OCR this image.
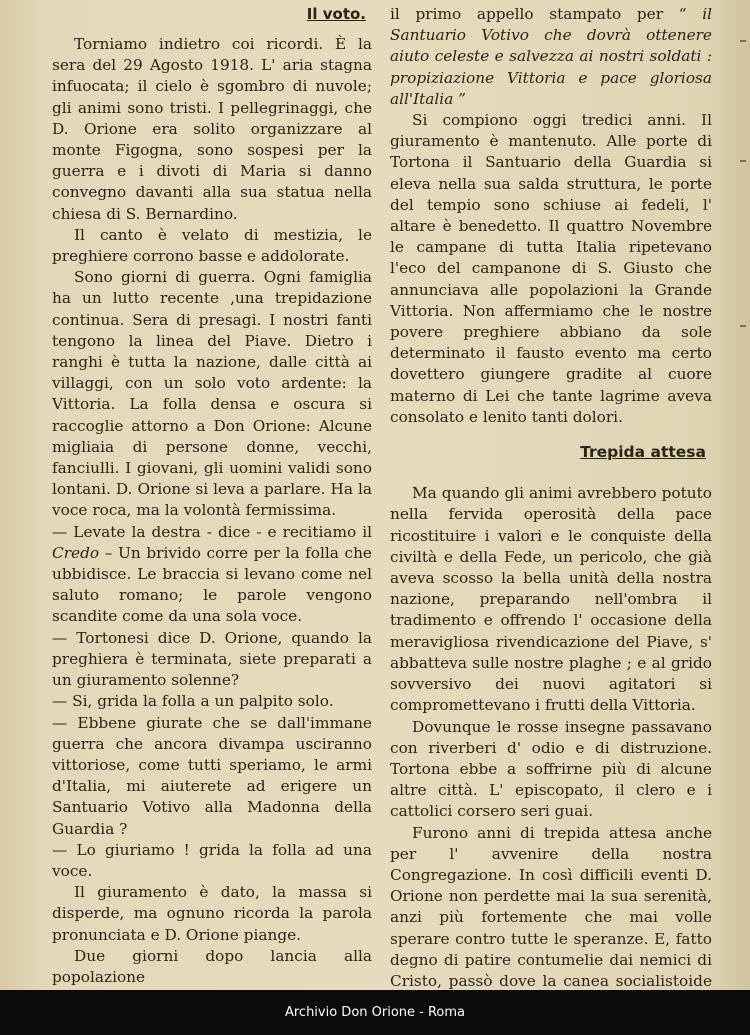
Il voto.

Torniamo indietro coi ricordi. È la sera del 29 Agosto 1918. L' aria stagna infuocata; il cielo è sgombro di nuvole; gli animi sono tristi. I pellegrinaggi, che D. Orione era solito organizzare al monte Figogna, sono sospesi per la guerra e i divoti di Maria si danno convegno davanti alla sua statua nella chiesa di S. Bernardino.

Il canto è velato di mestizia, le preghiere corrono basse e addolorate.

Sono giorni di guerra. Ogni famiglia ha un lutto recente ,una trepidazione continua. Sera di presagi. I nostri fanti tengono la linea del Piave. Dietro i ranghi è tutta la nazione, dalle città ai villaggi, con un solo voto ardente: la Vittoria. La folla densa e oscura si raccoglie attorno a Don Orione: Alcune migliaia di persone donne, vecchi, fanciulli. I giovani, gli uomini validi sono lontani. D. Orione si leva a parlare. Ha la voce roca, ma la volontà fermissima.

— Levate la destra - dice - e recitiamo il Credo – Un brivido corre per la folla che ubbidisce. Le braccia si levano come nel saluto romano; le parole vengono scandite come da una sola voce.

— Tortonesi dice D. Orione, quando la preghiera è terminata, siete preparati a un giuramento solenne?

— Si, grida la folla a un palpito solo.

— Ebbene giurate che se dall'immane guerra che ancora divampa usciranno vittoriose, come tutti speriamo, le armi d'Italia, mi aiuterete ad erigere un Santuario Votivo alla Madonna della Guardia ?

— Lo giuriamo ! grida la folla ad una voce.

Il giuramento è dato, la massa si disperde, ma ognuno ricorda la parola pronunciata e D. Orione piange.

Due giorni dopo lancia alla popolazione

il primo appello stampato per “ il Santuario Votivo che dovrà ottenere aiuto celeste e salvezza ai nostri soldati : propiziazione Vittoria e pace gloriosa all'Italia ”

Si compiono oggi tredici anni. Il giuramento è mantenuto. Alle porte di Tortona il Santuario della Guardia si eleva nella sua salda struttura, le porte del tempio sono schiuse ai fedeli, l' altare è benedetto. Il quattro Novembre le campane di tutta Italia ripetevano l'eco del campanone di S. Giusto che annunciava alle popolazioni la Grande Vittoria. Non affermiamo che le nostre povere preghiere abbiano da sole determinato il fausto evento ma certo dovettero giungere gradite al cuore materno di Lei che tante lagrime aveva consolato e lenito tanti dolori.

Trepida attesa

Ma quando gli animi avrebbero potuto nella fervida operosità della pace ricostituire i valori e le conquiste della civiltà e della Fede, un pericolo, che già aveva scosso la bella unità della nostra nazione, preparando nell'ombra il tradimento e offrendo l' occasione della meravigliosa rivendicazione del Piave, s' abbatteva sulle nostre plaghe ; e al grido sovversivo dei nuovi agitatori si compromettevano i frutti della Vittoria.

Dovunque le rosse insegne passavano con riverberi d' odio e di distruzione. Tortona ebbe a soffrirne più di alcune altre città. L' episcopato, il clero e i cattolici corsero seri guai.

Furono anni di trepida attesa anche per l' avvenire della nostra Congregazione. In così difficili eventi D. Orione non perdette mai la sua serenità, anzi più fortemente che mai volle sperare contro tutte le speranze. E, fatto degno di patire contumelie dai nemici di Cristo, passò dove la canea socialistoide

Archivio Don Orione - Roma
